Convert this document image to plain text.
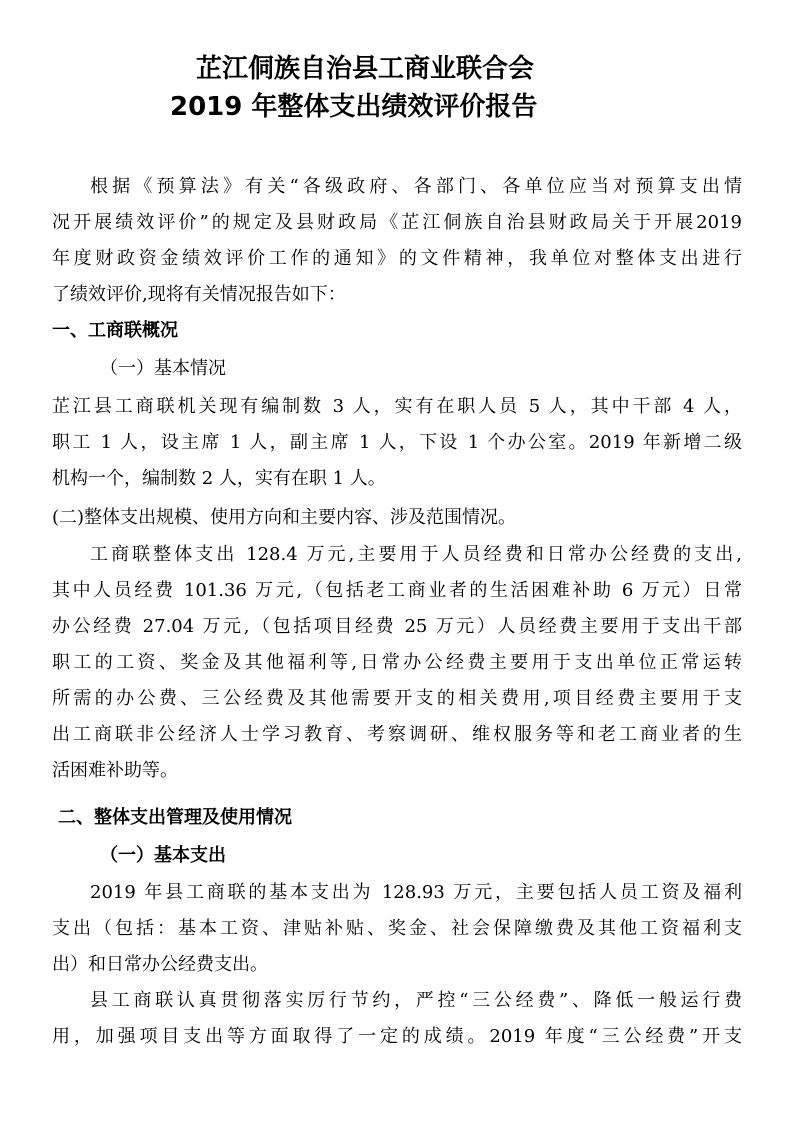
芷江侗族自治县工商业联合会
2019 年整体支出绩效评价报告

根据《预算法》有关“各级政府、各部门、各单位应当对预算支出情

况开展绩效评价”的规定及县财政局《芷江侗族自治县财政局关于开展2019

年度财政资金绩效评价工作的通知》的文件精神，我单位对整体支出进行

了绩效评价,现将有关情况报告如下：

一、工商联概况

（一）基本情况

芷江县工商联机关现有编制数 3 人，实有在职人员 5 人，其中干部 4 人，

职工 1 人，设主席 1 人，副主席 1 人，下设 1 个办公室。2019 年新增二级

机构一个，编制数 2 人，实有在职 1 人。

(二)整体支出规模、使用方向和主要内容、涉及范围情况。

工商联整体支出 128.4 万元,主要用于人员经费和日常办公经费的支出,

其中人员经费 101.36 万元,（包括老工商业者的生活困难补助 6 万元）日常

办公经费 27.04 万元,（包括项目经费 25 万元）人员经费主要用于支出干部

职工的工资、奖金及其他福利等,日常办公经费主要用于支出单位正常运转

所需的办公费、三公经费及其他需要开支的相关费用,项目经费主要用于支

出工商联非公经济人士学习教育、考察调研、维权服务等和老工商业者的生

活困难补助等。

二、整体支出管理及使用情况

（一）基本支出

2019 年县工商联的基本支出为 128.93 万元，主要包括人员工资及福利

支出（包括：基本工资、津贴补贴、奖金、社会保障缴费及其他工资福利支

出）和日常办公经费支出。

县工商联认真贯彻落实厉行节约，严控“三公经费”、降低一般运行费

用，加强项目支出等方面取得了一定的成绩。2019 年度“三公经费”开支
